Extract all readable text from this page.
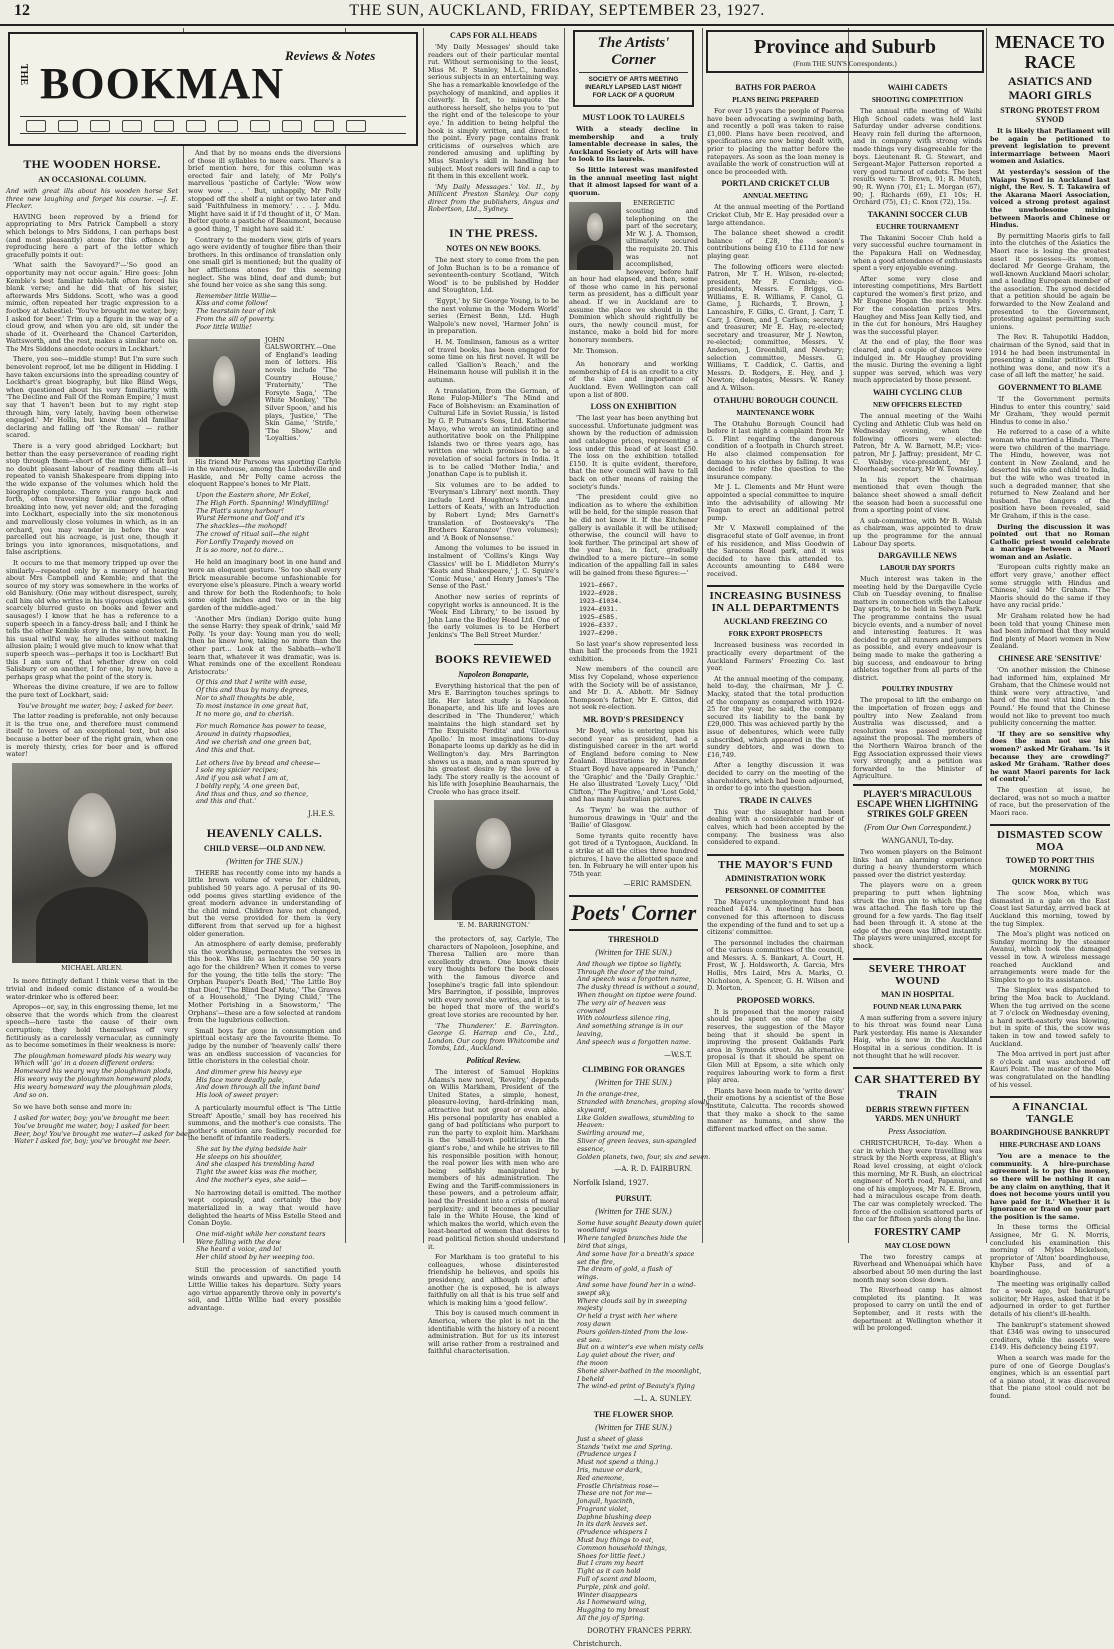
12	THE SUN, AUCKLAND, FRIDAY, SEPTEMBER 23, 1927.
THE BOOKMAN
Reviews & Notes
THE WOODEN HORSE.
AN OCCASIONAL COLUMN.

And with great ills about his wooden horse Set three new laughing and forget his course. —J. E. Flecker.

HAVING been reproved by a friend for appropriating to Mrs Patrick Campbell a story which belongs to Mrs Siddons, I can perhaps best (and most pleasantly) atone for this offence by reproducing here a part of the letter which gracefully points it out:

'What saith the Savoyard?'—'So good an opportunity may not occur again.' Hire goes: John Kemble's best familiar table-talk often forced his blank verse; and he did that of his sister, afterwards Mrs Siddons. Scott, who was a good mimic, often repeated her tragic expression to a footboy at Ashestiel: 'You've brought me water, boy; I asked for beer.' Trim up a figure in the way of a cloud grow, and when you are old, sit under the shade of it. Overheard the Chancel Carteridon, Wattsworth, and the rest, makes a similar note on. The Mrs Siddons anecdote occurs in Lockhart.'

There, you see—middle stump! But I'm sure such benevolent reproof, let me be diligent in Hidding. I have taken excursions into the spreading country of Lockhart's great biography, but like Blind Wegs, when questioned about his very familiarity with 'The Decline and Fall Of the Roman Empire,' I must say that 'I haven't been but to my right step through him, very lately, having been otherwise engaged.' Mr Hollis, but knew the old familiar declaring and falling off 'the Roman' — rather scared.

There is a very good abridged Lockhart; but better than the easy perseverance of reading right step through them—short of the more difficult but no doubt pleasant labour of reading them all—is repeated to vanish Shakespeare from dipping into the wide expanse of the volumes which hold the biography complete. There you range back and forth, often traversing familiar ground, often breaking into new, yet never old; and the foraging into Lockhart, especially into the six monotonous and marvellously close volumes in which, as in an orchard, you may wander in before the war parcelled out his acreage, is just one, though it brings you into ignorances, misquotations, and false ascriptions.

It occurs to me that memory tripped up over the similarly—repeated only by a memory of hearing about Mrs Campbell and Kemble; and that the source of my story was somewhere in the works of old Banishury. (One may without disrespect, surely, call him old who writes in his vigorous eighties with scarcely blurred gusto on books and fewer and sausages!) I know that he has a reference to a superb speech in a fancy-dress ball; and I think he tells the other Kemble story in the same context. In his usual wilful way, he alludes without making allusion plain; I would give much to know what that superb speech was—perhaps it too is Lockhart! But this I am sure of, that whether drew on cold Salisbury or on another, I for one, by now, have a perhaps grasp what the point of the story is.

Whereas the divine creature, if we are to follow the pure text of Lockhart, said:

You've brought me water, boy; I asked for beer.

The latter reading is preferable, not only because it is the true one, and therefore must commend itself to lovers of an exceptional text, but also because a better beer of the right grain, when one is merely thirsty, cries for beer and is offered water!

MICHAEL ARLEN.

Is more fittingly defiant I think verse that in the trivial and indeed comic distance of a would-be water-drinker who is offered beer.

Apropos—or, say, in this engrossing theme, let me observe that the words which from the clearest speech—here taste the cause of their own corruption; they hold themselves off very fictitiously as a carelessly vernacular, as cunningly as to become sometimes in their weakness is more:

The ploughman homeward plods his weary way
Which will 'go' in a dozen different orders:
Homeward his weary way the ploughman plods,
His weary way the ploughman homeward plods,
His weary homeward way the ploughman plods,
And so on.

So we have both sense and more in:

I asked for water, boy; you've brought me beer.
You've brought me water, boy; I asked for beer.
Beer, boy! You've brought me water—I asked for beer.
Water I asked for, boy; you've brought me beer.

And that by no means ends the diversions of those ill syllables to mere ears. There's a brief mention here, for this column was erected fair and lately, of Mr Polly's marvellous 'pastiche of Carlyle: 'Wow wow wow wow . . . ' But, unhappily, Mr Polly stopped off the shelf a night or two later and said 'Faithfulness in memory.' . . . J. Mdu. Might have said it if I'd thought of it, O' Man. Better quote a pastiche of Beaumont, because a good thing, 'I' might have said it.'

Contrary to the modern view, girls of years ago were evidently of tougher fibre than their brothers. In this ordinance of translation only one small girl is mentioned; but the quality of her afflictions atones for this seeming neglect. She was blind, deaf and dumb; but she found her voice as she sang this song.

Remember little Willie—
Kiss and come follow!
The tearstain tear of ink
From the sill of poverty.
Poor little Willie!
JOHN GALSWORTHY.—One of England's leading men of letters. His novels include 'The Country House,' 'Fraternity,' 'The Forsyte Saga,' 'The White Monkey,' 'The Silver Spoon,' and his plays, 'Justice,' 'The Skin Game,' 'Strife,' 'The Show,' and 'Loyalties.'

His friend Mr Parsons was sporting Carlyle in the warehouse, among the Lubodeville and Haskle, and Mr Polly came across the eloquent Rappee's bones to Mr Platt.

Upon the Eastern shore, Mr Eckel,
The High Forth. Spanning! Windyfilling!
The Platt's sunny harbour!
Wurst Hermone and Golf and it's
The shackles—the mohopd!
The crowd of ritual sail—the night
For Lordly Tragedy moved on
It is so more, not to dare...

He held an imaginary boot in one hand and wore an eloquent gesture. 'So too shall every Brick measurable become unfashionable for everyone else's pleasure. Pinch a weary world and throw for both the Rodenhoofs; to hole some eight inches and two or in the big garden of the middle-aged.'

'Another Mrs (indian) Dorigo quite hung the sense Harry: they speak of drink,' said Mr Polly. 'Is your day: Young man you do well; 'then he knew how, taking no more than the other part... Look at the Sabbath—who'll learn that, whatever it was dramatic, was is. What reminds one of the excellent Rondeau Aristocrats:'

Of this and that I write with ease,
Of this and thus by many degrees,
Nor to shall thoughts be able,
To most instance in one great hat,
It no more go, and to cherish.
For much Romance has power to tease,
Around in dainty rhapsodies,
And we cherish and one green bat,
And this and that.
Let others live by bread and cheese—
I sole my spicier recipes;
And if you ask what I am at,
I boldly reply, 'A one green bat,
And thus and thus, and so thence,
and this and that.'
J.H.E.S.
HEAVENLY CALLS.
CHILD VERSE—OLD AND NEW.
(Written for THE SUN.)

THERE has recently come into my hands a little brown volume of verse for children, published 50 years ago. A perusal of its 90-odd poems gives startling evidence of the great modern advance in understanding of the child mind. Children have not changed, but the verse provided for them is very different from that served up for a highest older generation.

An atmosphere of early demise, preferably via the workhouse, permeates the verses in this book. Was life as lachrymose 50 years ago for the children? When it comes to verse for the young, the title tells the story: 'The Orphan Pauper's Death Bed,' 'The Little Boy that Died,' 'The Blind Deaf Mute,' 'The Graves of a Household,' 'The Dying Child,' 'The Mother Perishing in a Snowstorm,' 'The Orphans'—these are a few selected at random from the lugubrious collection.

Small boys far gone in consumption and spiritual ecstasy are the favourite theme. To judge by the number of 'heavenly calls' there was an endless succession of vacancies for little choristers in the celestial choir.

And dimmer grew his heavy eye
His face more deadly pale,
And down through all the infant band
His look of sweet prayer:

A particularly mournful effect is 'The Little Streaft' Apostle,' small boy has received his summons, and the mother's cue consists. The mother's emotion are feelingly recorded for the benefit of infantile readers.

She sat by the dying bedside hair
He sleeps on his shoulder,
And she clasped his trembling hand
Tight the sweet kiss was the mother,
And the mother's eyes, she said—

No harrowing detail is omitted. The mother wept copiously, and certainly the boy materialized in a way that would have delighted the hearts of Miss Estelle Steed and Conan Doyle.

One mid-night while her constant tears
Were falling with the dew
She heard a voice, and lo!
Her child stood by her weeping too.

Still the procession of sanctified youth winds onwards and upwards. On page 14 Little Willie takes his departure. Sixty years ago virtue apparently throve only in poverty's soil, and Little Willie had every possible advantage.

CAPS FOR ALL HEADS

'My Daily Messages' should take readers out of their particular mental rut. Without sermonising to the least, Miss M. P. Stanley, M.L.C., handles serious subjects in an entertaining way. She has a remarkable knowledge of the psychology of mankind, and applies it cleverly. In fact, to misquote the authoress herself, she helps you to 'put the right end of the telescope to your eye.' In addition to being helpful the book is simply written, and direct to the point. Every page contains frank criticisms of ourselves which are rendered amusing and uplifting by Miss Stanley's skill in handling her subject. Most readers will find a cap to fit them in this excellent work.

'My Daily Messages.' Vol. II., by Millicent Preston Stanley. Our copy direct from the publishers, Angus and Robertson, Ltd., Sydney.

IN THE PRESS.
NOTES ON NEW BOOKS.

The next story to come from the pen of John Buchan is to be a romance of seventeenth-century Scotland, 'Witch Wood' is to be published by Hodder and Stoughton, Ltd.

'Egypt,' by Sir George Young, is to be the next volume in the 'Modern World' series (Ernest Benn, Ltd. Hugh Walpole's new novel, 'Harmer John' is in preparation.

H. M. Tomlinson, famous as a writer of travel books, has been engaged for some time on his first novel. It will be called 'Gallion's Reach,' and the Heinemann house will publish it in the autumn.

A translation, from the German, of Rene Fulop-Miller's 'The Mind and Face of Bolshevism: an Examination of Cultural Life in Soviet Russia,' is listed by G. P. Putnam's Sons, Ltd. Katherine Mayo, who wrote an intimidating and authoritative book on the Philippine Islands two or three years ago, has written one which promises to be a revelation of social factors in India. It is to be called 'Mother India,' and Jonathan Cape is to publish it.

Six volumes are to be added to 'Everyman's Library' next month. They include Lord Houghton's 'Life and Letters of Keats,' with an Introduction by Robert Lynd; Mrs Garnett's translation of Dostoevsky's 'The Brothers Karamazov' (two volumes); and 'A Book of Nonsense.'

Among the volumes to be issued in instalment of 'Collins's Kings Way Classics' will be I. Middleton Murry's 'Keats and Shakespeare,' J. C. Squire's 'Comic Muse,' and Henry James's 'The Sense of the Past.'

Another new series of reprints of copyright works is announced. It is the 'Week End Library,' to be issued by John Lane the Bodley Head Ltd. One of the early volumes is to be Herbert Jenkins's 'The Bell Street Murder.'

BOOKS REVIEWED
Napoleon Bonaparte,

Everything historical that the pen of Mrs E. Barrington touches springs to life. Her latest study is Napoleon Bonaparte, and his life and loves are described in 'The Thunderer,' which maintains the high standard set by 'The Exquisite Perdita' and 'Glorious Apollo.' In most imaginations to-day Bonaparte looms up darkly as he did in Wellington's day. Mrs Barrington shows us a man, and a man spurred by his greatest desire by the love of a lady. The story really is the account of his life with Josephine Beauharnais, the Creole who has grace itself.

'E. M. BARRINGTON.'

the protectors of, say, Carlyle, The characters of Napoleon, Josephine, and Theresa Tallien are more than excellently drawn. One knows their very thoughts before the book closes with the famous divorce and Josephine's tragic fall into splendour. Mrs Barrington, if possible, improves with every novel she writes, and it is to be hoped that more of the world's great love stories are recounted by her.

'The Thunderer.' E. Barrington. George G. Harrap and Co., Ltd., London. Our copy from Whitcombe and Tombs, Ltd., Auckland.

Political Review.

The interest of Samuel Hopkins Adams's new novel, 'Revelry,' depends on Willis Markham, President of the United States, a simple, honest, pleasure-loving, hard-drinking man, attractive but not great or even able. His personal popularity has enabled a gang of bad politicians who purport to run the party to exploit him. Markham is the 'small-town politician in the giant's robe,' and while he strives to fill his responsible position with honour, the real power lies with men who are being selfishly manipulated by members of his administration. The Ewing and the Tariff-commissioners in these powers, and a petroleum affair, lead the President into a crisis of moral perplexity: and it becomes a peculiar tale in the White House, the kind of which makes the world, which even the least-hearted of women that desires to read political fiction should understand it.

For Markham is too grateful to his colleagues, whose disinterested friendship he believes, and spoils his presidency, and although not after another (he is exposed, he is always faithfully on all that is his true self and which is making him a 'good fellow'.

This boy is caused much comment in America, where the plot is not in the identifiable with the history of a recent administration. But for us its interest will arise rather from a restrained and faithful characterisation.

The Artists' Corner
SOCIETY OF ARTS MEETING INEARLY LAPSED LAST NIGHT FOR LACK OF A QUORUM
MUST LOOK TO LAURELS

With a steady decline in membership and a truly lamentable decrease in sales, the Auckland Society of Arts will have to look to its laurels.

So little interest was manifested in the annual meeting last night that it almost lapsed for want of a quorum.

ENERGETIC scouting and telephoning on the part of the secretary, Mr W. J. A. Thomson, ultimately secured the requisite 20. This was not accomplished, however, before half an hour had elapsed, and then, some of those who came in his personal term as president, has a difficult year ahead. If we in Auckland are to assume the place we should in the Dominion which should rightfully be ours, the newly council must, for instance, make a bold bid for more honorary members.

Mr. Thomson.

An honorary and working membership of £4 is an credit to a city of the size and importance of Auckland. Even Wellington can call upon a list of 800.

LOSS ON EXHIBITION

'The last year has been anything but successful. Unfortunate judgment was shown by the reduction of admission and catalogue prices, representing a loss under this head of at least £50. The loss on the exhibition totalled £150. It is quite evident, therefore, that the new council will have to fall back on other means of raising the society's funds.'

'The president could give no indication as to where the exhibition will be held, for the simple reason that he did not know it. If the Kitchener gallery is available it will be utilised; otherwise, the council will have to look further. The principal art show of the year has, in fact, gradually dwindled to a mere picture—in some indication of the appalling fall in sales will be gained from these figures:—'

1921—£667.
1922—£928.
1923—£1034.
1924—£931.
1925—£585.
1926—£337.
1927—£290.

So last year's show represented less than half the proceeds from the 1921 exhibition.

New members of the council are Miss Ivy Copeland, whose experience with the Society will be of assistance, and Mr D. A. Abbott. Mr Sidney Thompson's father, Mr E. Gittos, did not seek re-election.

MR. BOYD'S PRESIDENCY

Mr Boyd, who is entering upon his second year as president, had a distinguished career in the art world of England before coming to New Zealand. Illustrations by Alexander Stuart Boyd have appeared in 'Punch,' the 'Graphic' and the 'Daily Graphic.' He also illustrated 'Lovely Lucy,' 'Old Clifton,' 'The Fugitive,' and 'Lost Gold,' and has many Australian pictures.

As 'Twym' he was the author of humorous drawings in 'Quiz' and the 'Bailie' of Glasgow.

Some tyrants quite recently have got tired of a Tyntogaon, Auckland. In a strike at all the cities three hundred pictures, I have the allotted space and ten. In February he will enter upon his 75th year.

—ERIC RAMSDEN.
Poets' Corner
THRESHOLD
(Written for THE SUN.)
And though we tiptoe so lightly,
Through the door of the mind,
And speech was a forgotten name,
The dusky thread is without a sound,
When thought on tiptoe were found.
The very air of heaven was
crowned
With colourless silence ring,
And something strange is in our
leaving,
And speech was a forgotten name.
—W.S.T.
CLIMBING FOR ORANGES
(Written for THE SUN.)
In the orange-tree,
Stranded with branches, groping slowly
skyward,
Like Golden swallows, stumbling to
Heaven:
Swirling around me,
Sliver of green leaves, sun-spangled
essence,
Golden planets, two, four, six and seven.
—A. R. D. FAIRBURN.
Norfolk Island, 1927.
PURSUIT.
(Written for THE SUN.)
Some have sought Beauty down quiet
woodland ways
Where tangled branches hide the
bird that sings,
And some have for a breath's space
set the fire,
The dream of gold, a flash of
wings.
And some have found her in a wind-
swept sky,
Where clouds sail by in sweeping
majesty
Or held a tryst with her where
rosy dawn
Pours golden-tinted from the low-
est sea.
But on a winter's eve when misty cells
Lay quiet about the river, and
the moon
Shone silver-bathed in the moonlight,
I beheld
The wind-ed print of Beauty's flying
—L. A. SUNLEY.
THE FLOWER SHOP.
(Written for THE SUN.)
Just a sheet of glass
Stands 'twixt me and Spring.
(Prudence urges I
Must not spend a thing.)
Iris, mauve or dark,
Red anemone,
Frostle Christmas rose—
These are not for me—
Jonquil, hyacinth,
Fragrant violet,
Daphne blushing deep
In its dark leaves set.
(Prudence whispers I
Must buy things to eat,
Common household things,
Shoes for little feet.)
But I cram my heart
Tight as it can hold
Full of scent and bloom,
Purple, pink and gold.
Winter disappears
As I homeward wing,
Hugging to my breast
All the joy of Spring.
DOROTHY FRANCES PERRY.
Christchurch.
Province and Suburb
(From THE SUN'S Correspondents.)
BATHS FOR PAEROA
PLANS BEING PREPARED

For over 15 years the people of Paeroa have been advocating a swimming bath, and recently a poll was taken to raise £1,000. Plans have been received, and specifications are now being dealt with, prior to placing the matter before the ratepayers. As soon as the loan money is available the work of construction will at once be proceeded with.

PORTLAND CRICKET CLUB
ANNUAL MEETING

At the annual meeting of the Portland Cricket Club, Mr E. Hay presided over a large attendance.

The balance sheet showed a credit balance of £28, the season's contributions being £10 to £11d for new playing gear.

The following officers were elected: Patron, Mr T. H. Wilson, re-elected; president, Mr F. Cornish; vice-presidents, Messrs. F. Briggs, G. Williams, E. R. Williams, F. Canol, G. Game, J. Richards, T. Brown, J. Lancashire, F. Gilks, C. Grant, J. Carr, T. Carr, J. Green, and J. Carlson; secretary and treasurer, Mr E. Hay, re-elected; secretary and treasurer, Mr J. Newton, re-elected; committee, Messrs. V. Anderson, J. Greenhill, and Newbury; selection committee, Messrs. G. Williams, T. Caddick, C. Gattis, and Messrs. D. Rodgers, E. Hey, and J. Newton; delegates, Messrs. W. Raney and A. Wilson.

OTAHUHU BOROUGH COUNCIL
MAINTENANCE WORK

The Otahuhu Borough Council had before it last night a complaint from Mr G. Flint regarding the dangerous condition of a footpath in Church street. He also claimed compensation for damage to his clothes by falling. It was decided to refer the question to the insurance company.

Mr J. L. Clements and Mr Hunt were appointed a special committee to inquire into the advisability of allowing Mr Teagan to erect an additional petrol pump.

Mr V. Maxwell complained of the disgraceful state of Golf avenue, in front of his residence, and Miss Goodwin of the Saracens Road park, and it was decided to have this attended to. Accounts amounting to £484 were received.

INCREASING BUSINESS IN ALL DEPARTMENTS
AUCKLAND FREEZING CO
FORK EXPORT PROSPECTS

Increased business was recorded in practically every department of the Auckland Farmers' Freezing Co. last year.

At the annual meeting of the company, held to-day, the chairman, Mr J. C. Macky, stated that the total production of the company as compared with 1924-25 for the year, he said, the company secured its liability to the bank by £29,000. This was achieved partly by the issue of debentures, which were fully subscribed, which appeared in the then sundry debtors, and was down to £16,749.

After a lengthy discussion it was decided to carry on the meeting of the shareholders, which had been adjourned, in order to go into the question.

TRADE IN CALVES

This year the slaughter had been dealing with a considerable number of calves, which had been accepted by the company. The business was also considered to expand.

THE MAYOR'S FUND
ADMINISTRATION WORK
PERSONNEL OF COMMITTEE

The Mayor's unemployment fund has reached £434. A meeting has been convened for this afternoon to discuss the expending of the fund and to set up a citizens' committee.

The personnel includes the chairman of the various committees of the council, and Messrs. A. S. Bankart, A. Court, H. Frost, W. J. Holdsworth, A. Garcia, Mrs Hollis, Mrs Laird, Mrs A. Marks, O. Nicholson, A. Spencer, G. H. Wilson and D. Morton.

PROPOSED WORKS.

It is proposed that the money raised should be spent on one of the city reserves, the suggestion of the Mayor being that it should be spent in improving the present Oaklands Park area in Symonds street. An alternative proposal is that it should be spent on Glen Mill at Epsom, a site which only requires labouring work to form a first play area.

Plants have been made to 'write down' their emotions by a scientist of the Bose Institute, Calcutta. The records showed that they make a shock to the same manner as humans, and show the different marked effect on the same.

WAIHI CADETS
SHOOTING COMPETITION

The annual rifle meeting of Waihi High School cadets was held last Saturday under adverse conditions. Heavy rain fell during the afternoon, and in company with strong winds made things very disagreeable for the boys. Lieutenant R. G. Stewart, and Sergeant-Major Patterson reported a very good turnout of cadets. The best results were: T. Brown, 91; R. Mutch, 90; R. Wynn (70), £1; L. Morgan (67), 90; J. Richards (69), £1 10s; H. Orchard (75), £1; C. Knox (72), 15s.

TAKANINI SOCCER CLUB
EUCHRE TOURNAMENT

The Takanini Soccer Club held a very successful euchre tournament in the Papakura Hall on Wednesday, when a good attendance of enthusiasts spent a very enjoyable evening.

After some very close and interesting competitions, Mrs Bartlett captured the women's first prize, and Mr Eugene Hogan the men's trophy. For the consolation prizes Mrs. Haughey and Miss Jean Kelly tied, and in the cut for honours, Mrs Haughey was the successful player.

At the end of play, the floor was cleared, and a couple of dances were indulged in. Mr Haughey providing the music. During the evening a light supper was served, which was very much appreciated by those present.

WAIHI CYCLING CLUB
NEW OFFICERS ELECTED

The annual meeting of the Waihi Cycling and Athletic Club was held on Wednesday evening, when the following officers were elected: Patron, Mr A. W. Barnett, M.P.; vice-patron, Mr J. Jaffray; president, Mr C. C. Walsby; vice-president, Mr J. Moorhead; secretary, Mr W. Townsley.

In his report the chairman mentioned that even though the balance sheet showed a small deficit the season had been a successful one from a sporting point of view.

A sub-committee, with Mr B. Walsh as chairman, was appointed to draw up the programme for the annual Labour Day sports.

DARGAVILLE NEWS
LABOUR DAY SPORTS

Much interest was taken in the meeting held by the Dargaville Cycle Club on Tuesday evening, to finalise matters in connection with the Labour Day sports, to be held in Selwyn Park. The programme contains the usual bicycle events, and a number of novel and interesting features. It was decided to get all runners and jumpers as possible, and every endeavour is being made to make the gathering a big success, and endeavour to bring athletes together from all parts of the district.

POULTRY INDUSTRY

The proposal to lift the embargo on the importation of frozen eggs and poultry into New Zealand from Australia was discussed, and a resolution was passed protesting against the proposal. The members of the Northern Wairoa branch of the Egg Association expressed their views very strongly, and a petition was forwarded to the Minister of Agriculture.

PLAYER'S MIRACULOUS ESCAPE WHEN LIGHTNING STRIKES GOLF GREEN
(From Our Own Correspondent.)
WANGANUI, To-day.

Two women players on the Belmont links had an alarming experience during a heavy thunderstorm which passed over the district yesterday.

The players were on a green preparing to putt when lightning struck the iron pin to which the flag was attached. The flash tore up the ground for a few yards. The flag itself had been through it. A stone at the edge of the green was lifted instantly. The players were uninjured, except for shock.

SEVERE THROAT WOUND
MAN IN HOSPITAL
FOUND NEAR LUNA PARK

A man suffering from a severe injury to his throat was found near Luna Park yesterday. His name is Alexander Haig, who is now in the Auckland Hospital in a serious condition. It is not thought that he will recover.

CAR SHATTERED BY TRAIN
DEBRIS STREWN FIFTEEN YARDS. MEN UNHURT
Press Association.

CHRISTCHURCH, To-day. When a car in which they were travelling was struck by the North express, at Bligh's Road level crossing, at eight o'clock this morning, Mr R. Bush, an electrical engineer of North road, Papanui, and one of his employees, Mr N. E. Brown, had a miraculous escape from death. The car was completely wrecked. The force of the collision scattered parts of the car for fifteen yards along the line.

FORESTRY CAMP
MAY CLOSE DOWN

The two forestry camps at Riverhead and Whenuapai which have absorbed about 50 men during the last month may soon close down.

The Riverhead camp has almost completed its planting. It was proposed to carry on until the end of September, and it rests with the department at Wellington whether it will be prolonged.

MENACE TO RACE
ASIATICS AND MAORI GIRLS
STRONG PROTEST FROM SYNOD

It is likely that Parliament will be again be petitioned to prevent legislation to prevent intermarriage between Maori women and Asiatics.

At yesterday's session of the Waiapu Synod in Auckland last night, the Rev. S. T. Takawira of the Akarana Maori Association, voiced a strong protest against the unwholesome mixing between Maoris and Chinese or Hindus.

By permitting Maoris girls to fall into the clutches of the Asiatics the Maori race is losing the greatest asset it possesses—its women, declared Mr George Graham, the well-known Auckland Maori scholar, and a leading European member of the association. The synod decided that a petition should be again be forwarded to the New Zealand and presented to the Government, protesting against permitting such unions.

The Rev. R. Tahupotiki Haddon, chairman of the Synod, said that in 1914 he had been instrumental in presenting a similar petition. 'But nothing was done, and now it's a case of all left the matter,' he said.

GOVERNMENT TO BLAME

'If the Government permits Hindus to enter this country,' said Mr Graham, 'they would permit Hindus to come in also.'

He referred to a case of a white woman who married a Hindu. There were two children of the marriage. The Hindu, however, was not content in New Zealand, and he deserted his wife and child to India, but the wife who was treated in such a degraded manner, that she returned to New Zealand and her husband. The dangers of the position have been revealed, said Mr Graham, if this is the case.

During the discussion it was pointed out that no Roman Catholic priest would celebrate a marriage between a Maori woman and an Asiatic.

'European cults rightly make an effort very grave,' another effect some struggle with Hindus and Chinese,' said Mr Graham. 'The Maoris should do the same if they have any racial pride.'

Mr Graham related how he had been told that young Chinese men had been informed that they would find plenty of Maori women in New Zealand.

CHINESE ARE 'SENSITIVE'

'On another mission the Chinese had informed him, explained Mr Graham, that the Chinese would not think were very attractive, 'and hard of the most vital kind in the Pound.' He found that the Chinese would not like to prevent too much publicity concerning the matter.

'If they are so sensitive why does the man not use his women?' asked Mr Graham. 'Is it because they are crowding?' asked Mr Graham. 'Rather does he want Maori parents for lack of control.'

The question at issue, he declared, was not so much a matter of race, but the preservation of the Maori race.

DISMASTED SCOW MOA
TOWED TO PORT THIS MORNING
QUICK WORK BY TUG

The scow Moa, which was dismasted in a gale on the East Coast last Saturday, arrived back at Auckland this morning, towed by the tug Simplex.

The Moa's plight was noticed on Sunday morning by the steamer Awanui, which took the damaged vessel in tow. A wireless message reached Auckland and arrangements were made for the Simplex to go to its assistance.

The Simplex was dispatched to bring the Moa back to Auckland. When the tug arrived on the scene at 7 o'clock on Wednesday evening, a hard north-easterly was blowing, but in spite of this, the scow was taken in tow and towed safely to Auckland.

The Moa arrived in port just after 8 o'clock and was anchored off Kauri Point. The master of the Moa was congratulated on the handling of his vessel.

A FINANCIAL TANGLE
BOARDINGHOUSE BANKRUPT
HIRE-PURCHASE AND LOANS

'You are a menace to the community. A hire-purchase agreement is to pay the money, so there will be nothing it can be any claim on anything, that it does not become yours until you have paid for it.' Whether it is ignorance or fraud on your part the position is the same.

In these terms the Official Assignee, Mr G. N. Morris, concluded his examination this morning of Myles Mickelson, proprietor of 'Alton' boardinghouse, Khyber Pass, and of a boardinghouse.

The meeting was originally called for a week ago, but bankrupt's solicitor, Mr Hayes, asked that it be adjourned in order to get further details of his client's ill-health.

The bankrupt's statement showed that £346 was owing to unsecured creditors, while the assets were £149. His deficiency being £197.

When a search was made for the pure of one of George Douglas's engines, which is an essential part of a piano stool, it was discovered that the piano stool could not be found.
